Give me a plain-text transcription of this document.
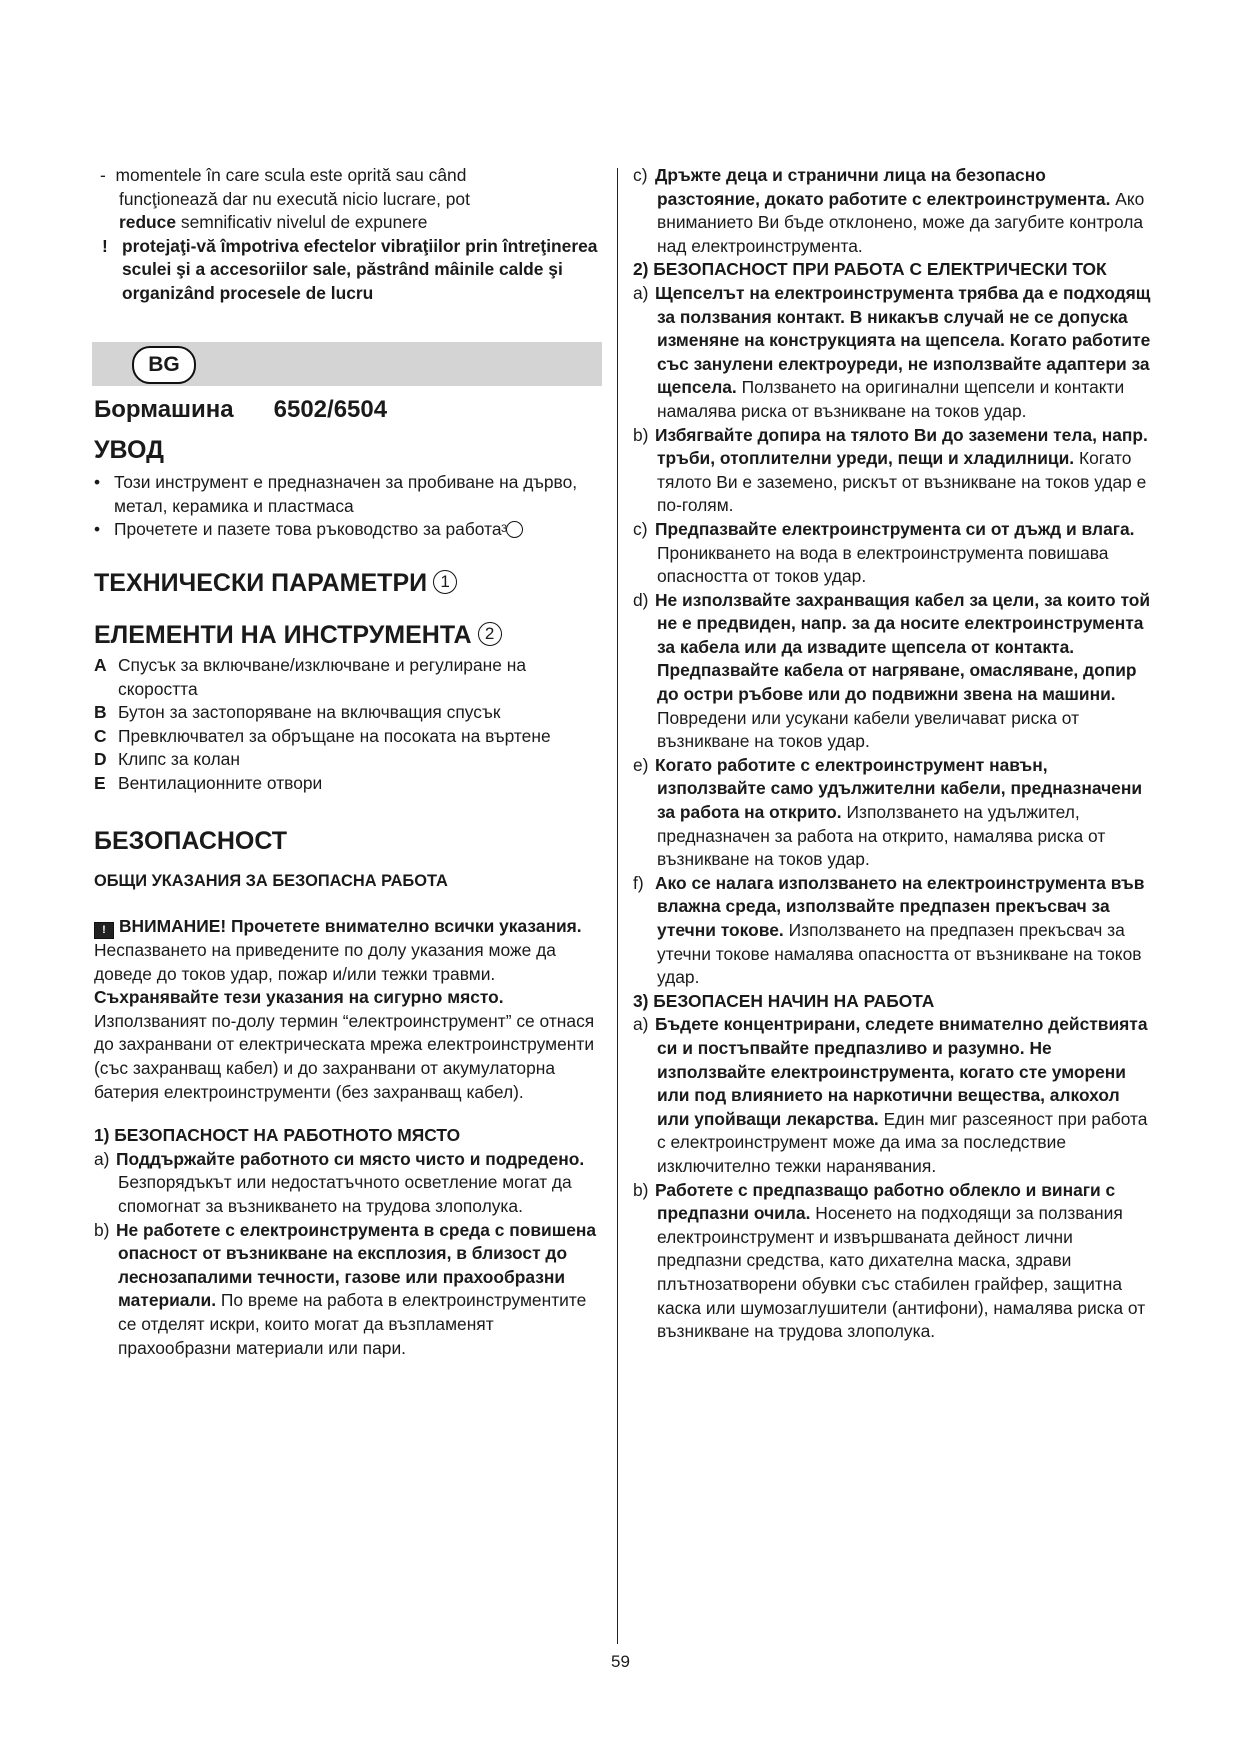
- momentele în care scula este oprită sau când
funcţionează dar nu execută nicio lucrare, pot
reduce semnificativ nivelul de expunere
! protejaţi-vă împotriva efectelor vibraţiilor prin întreţinerea sculei şi a accesoriilor sale, păstrând mâinile calde şi organizând procesele de lucru
BG
Бормашина 6502/6504
УВОД
• Този инструмент е предназначен за пробиване на дърво, метал, керамика и пластмаса
• Прочетете и пазете това ръководство за работа3
ТЕХНИЧЕСКИ ПАРАМЕТРИ 1
ЕЛЕМЕНТИ НА ИНСТРУМЕНТА 2
A Спусък за включване/изключване и регулиране на скоростта
B Бутон за застопоряване на включващия спусък
C Превключвател за обръщане на посоката на въртене
D Клипс за колан
E Вентилационните отвори
БЕЗОПАСНОСТ
ОБЩИ УКАЗАНИЯ ЗА БЕЗОПАСНА РАБОТА
! ВНИМАНИЕ! Прочетете внимателно всички указания. Неспазването на приведените по долу указания може да доведе до токов удар, пожар и/или тежки травми. Съхранявайте тези указания на сигурно място. Използваният по-долу термин “електроинструмент” се отнася до захранвани от електрическата мрежа електроинструменти (със захранващ кабел) и до захранвани от акумулаторна батерия електроинструменти (без захранващ кабел).
1) БЕЗОПАСНОСТ НА РАБОТНОТО МЯСТО
a) Поддържайте работното си място чисто и подредено. Безпорядъкът или недостатъчното осветление могат да спомогнат за възникването на трудова злополука.
b) Не работете с електроинструмента в среда с повишена опасност от възникване на експлозия, в близост до леснозапалими течности, газове или прахообразни материали. По време на работа в електроинструментите се отделят искри, които могат да възпламенят прахообразни материали или пари.
c) Дръжте деца и странични лица на безопасно разстояние, докато работите с електроинструмента. Ако вниманието Ви бъде отклонено, може да загубите контрола над електроинструмента.
2) БЕЗОПАСНОСТ ПРИ РАБОТА С ЕЛЕКТРИЧЕСКИ ТОК
a) Щепселът на електроинструмента трябва да е подходящ за ползвания контакт. В никакъв случай не се допуска изменяне на конструкцията на щепсела. Когато работите със занулени електроуреди, не използвайте адаптери за щепсела. Ползването на оригинални щепсели и контакти намалява риска от възникване на токов удар.
b) Избягвайте допира на тялото Ви до заземени тела, напр. тръби, отоплителни уреди, пещи и хладилници. Когато тялото Ви е заземено, рискът от възникване на токов удар е по-голям.
c) Предпазвайте електроинструмента си от дъжд и влага. Проникването на вода в електроинструмента повишава опасността от токов удар.
d) Не използвайте захранващия кабел за цели, за които той не е предвиден, напр. за да носите електроинструмента за кабела или да извадите щепсела от контакта. Предпазвайте кабела от нагряване, омасляване, допир до остри ръбове или до подвижни звена на машини. Повредени или усукани кабели увеличават риска от възникване на токов удар.
e) Когато работите с електроинструмент навън, използвайте само удължителни кабели, предназначени за работа на открито. Използването на удължител, предназначен за работа на открито, намалява риска от възникване на токов удар.
f) Ако се налага използването на електроинструмента във влажна среда, използвайте предпазен прекъсвач за утечни токове. Използването на предпазен прекъсвач за утечни токове намалява опасността от възникване на токов удар.
3) БЕЗОПАСЕН НАЧИН НА РАБОТА
a) Бъдете концентрирани, следете внимателно действията си и постъпвайте предпазливо и разумно. Не използвайте електроинструмента, когато сте уморени или под влиянието на наркотични вещества, алкохол или упойващи лекарства. Един миг разсеяност при работа с електроинструмент може да има за последствие изключително тежки наранявания.
b) Работете с предпазващо работно облекло и винаги с предпазни очила. Носенето на подходящи за ползвания електроинструмент и извършваната дейност лични предпазни средства, като дихателна маска, здрави плътнозатворени обувки със стабилен грайфер, защитна каска или шумозаглушители (антифони), намалява риска от възникване на трудова злополука.
59
